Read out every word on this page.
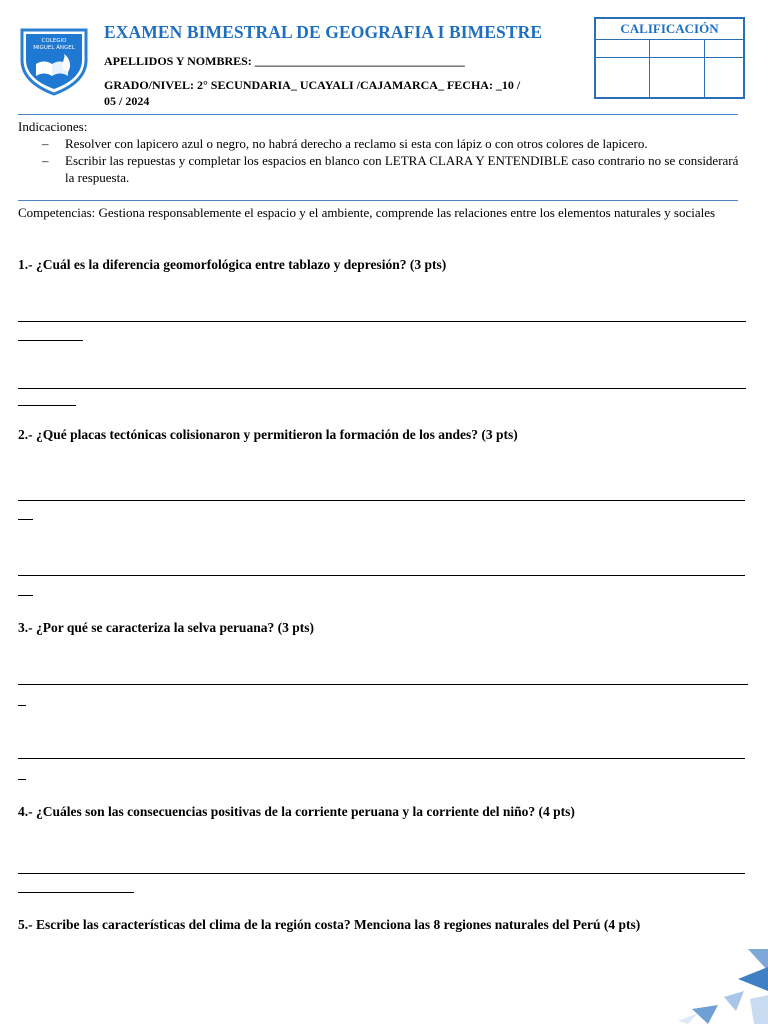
COLEGIO
MIGUEL ÁNGEL
EXAMEN BIMESTRAL DE GEOGRAFIA I BIMESTRE
APELLIDOS Y NOMBRES: ___________________________________
GRADO/NIVEL: 2° SECUNDARIA_ UCAYALI /CAJAMARCA_ FECHA: _10 /
05 / 2024
CALIFICACIÓN
Indicaciones:
– Resolver con lapicero azul o negro, no habrá derecho a reclamo si esta con lápiz o con otros colores de lapicero.
– Escribir las repuestas y completar los espacios en blanco con LETRA CLARA Y ENTENDIBLE caso contrario no se considerará la respuesta.
Competencias: Gestiona responsablemente el espacio y el ambiente, comprende las relaciones entre los elementos naturales y sociales
1.- ¿Cuál es la diferencia geomorfológica entre tablazo y depresión? (3 pts)
2.- ¿Qué placas tectónicas colisionaron y permitieron la formación de los andes? (3 pts)
3.- ¿Por qué se caracteriza la selva peruana? (3 pts)
4.- ¿Cuáles son las consecuencias positivas de la corriente peruana y la corriente del niño? (4 pts)
5.- Escribe las características del clima de la región costa? Menciona las 8 regiones naturales del Perú (4 pts)
